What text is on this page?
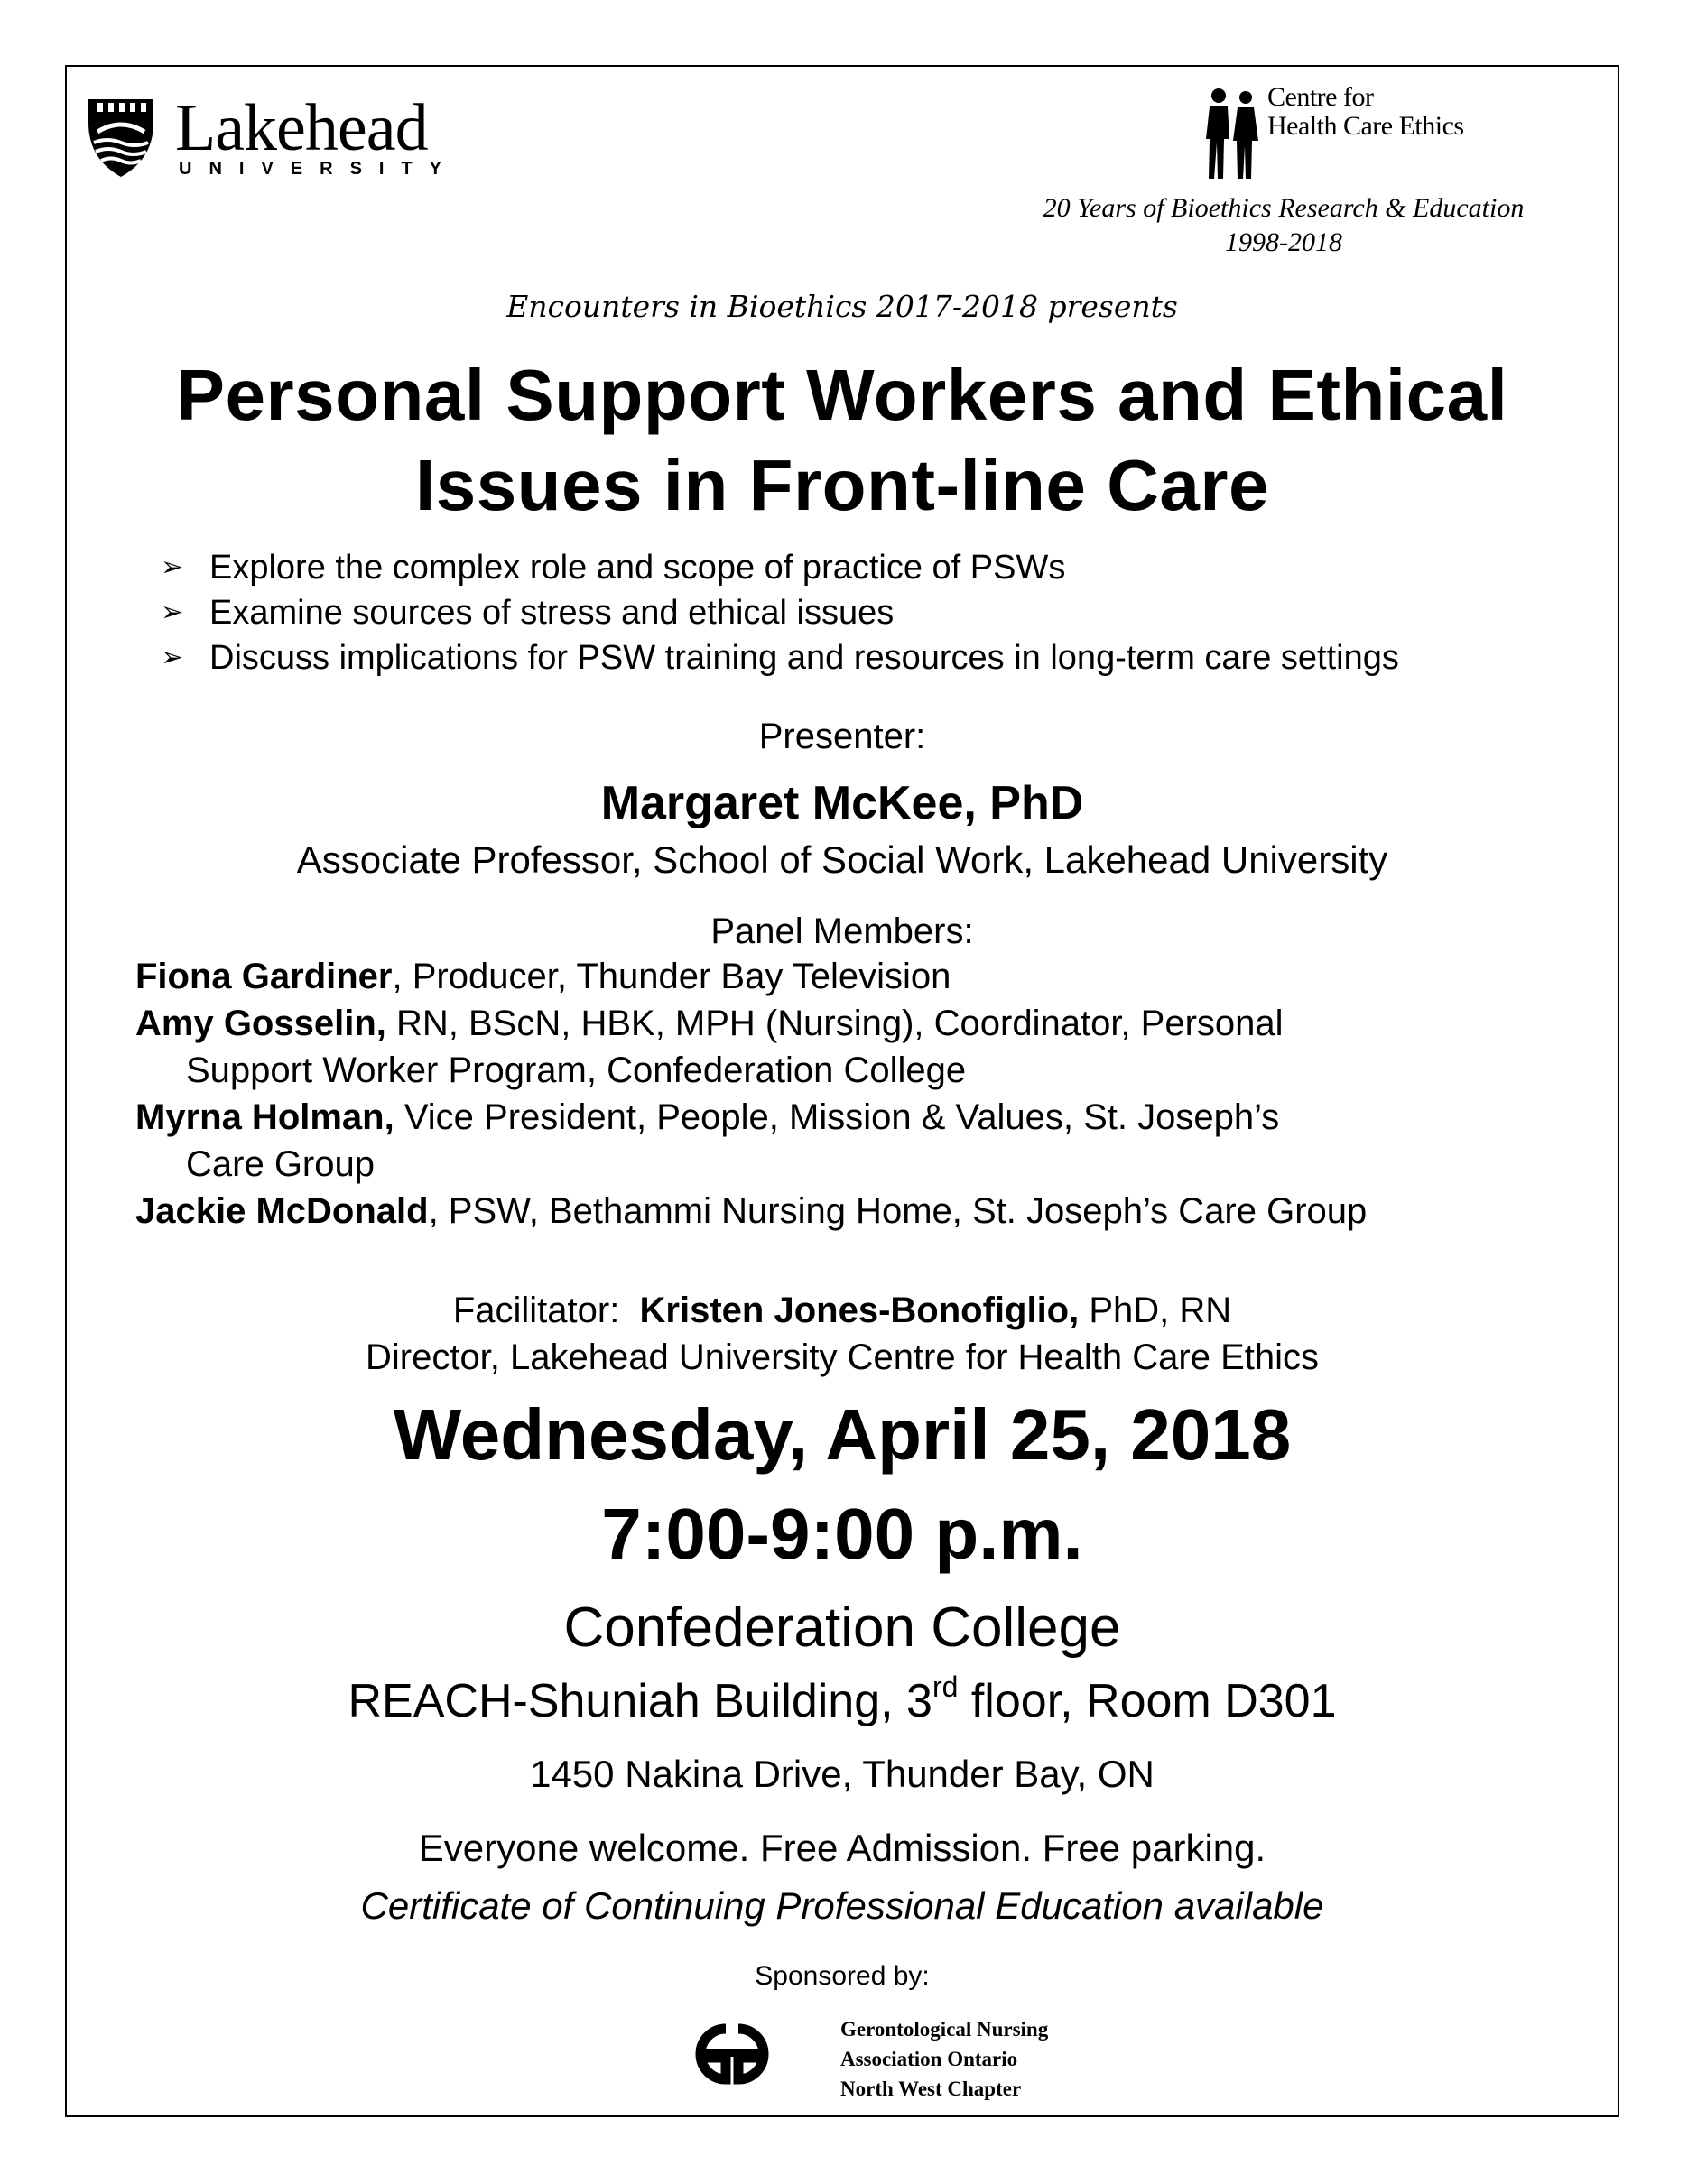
Lakehead
UNIVERSITY
Centre for
Health Care Ethics
20 Years of Bioethics Research & Education
1998-2018
Encounters in Bioethics 2017-2018 presents
Personal Support Workers and Ethical
Issues in Front-line Care
➢ Explore the complex role and scope of practice of PSWs
➢ Examine sources of stress and ethical issues
➢ Discuss implications for PSW training and resources in long-term care settings
Presenter:
Margaret McKee, PhD
Associate Professor, School of Social Work, Lakehead University
Panel Members:
Fiona Gardiner, Producer, Thunder Bay Television
Amy Gosselin, RN, BScN, HBK, MPH (Nursing), Coordinator, Personal
Support Worker Program, Confederation College
Myrna Holman, Vice President, People, Mission & Values, St. Joseph’s
Care Group
Jackie McDonald, PSW, Bethammi Nursing Home, St. Joseph’s Care Group
Facilitator: Kristen Jones-Bonofiglio, PhD, RN
Director, Lakehead University Centre for Health Care Ethics
Wednesday, April 25, 2018
7:00-9:00 p.m.
Confederation College
REACH-Shuniah Building, 3rd floor, Room D301
1450 Nakina Drive, Thunder Bay, ON
Everyone welcome. Free Admission. Free parking.
Certificate of Continuing Professional Education available
Sponsored by:
Gerontological Nursing
Association Ontario
North West Chapter
